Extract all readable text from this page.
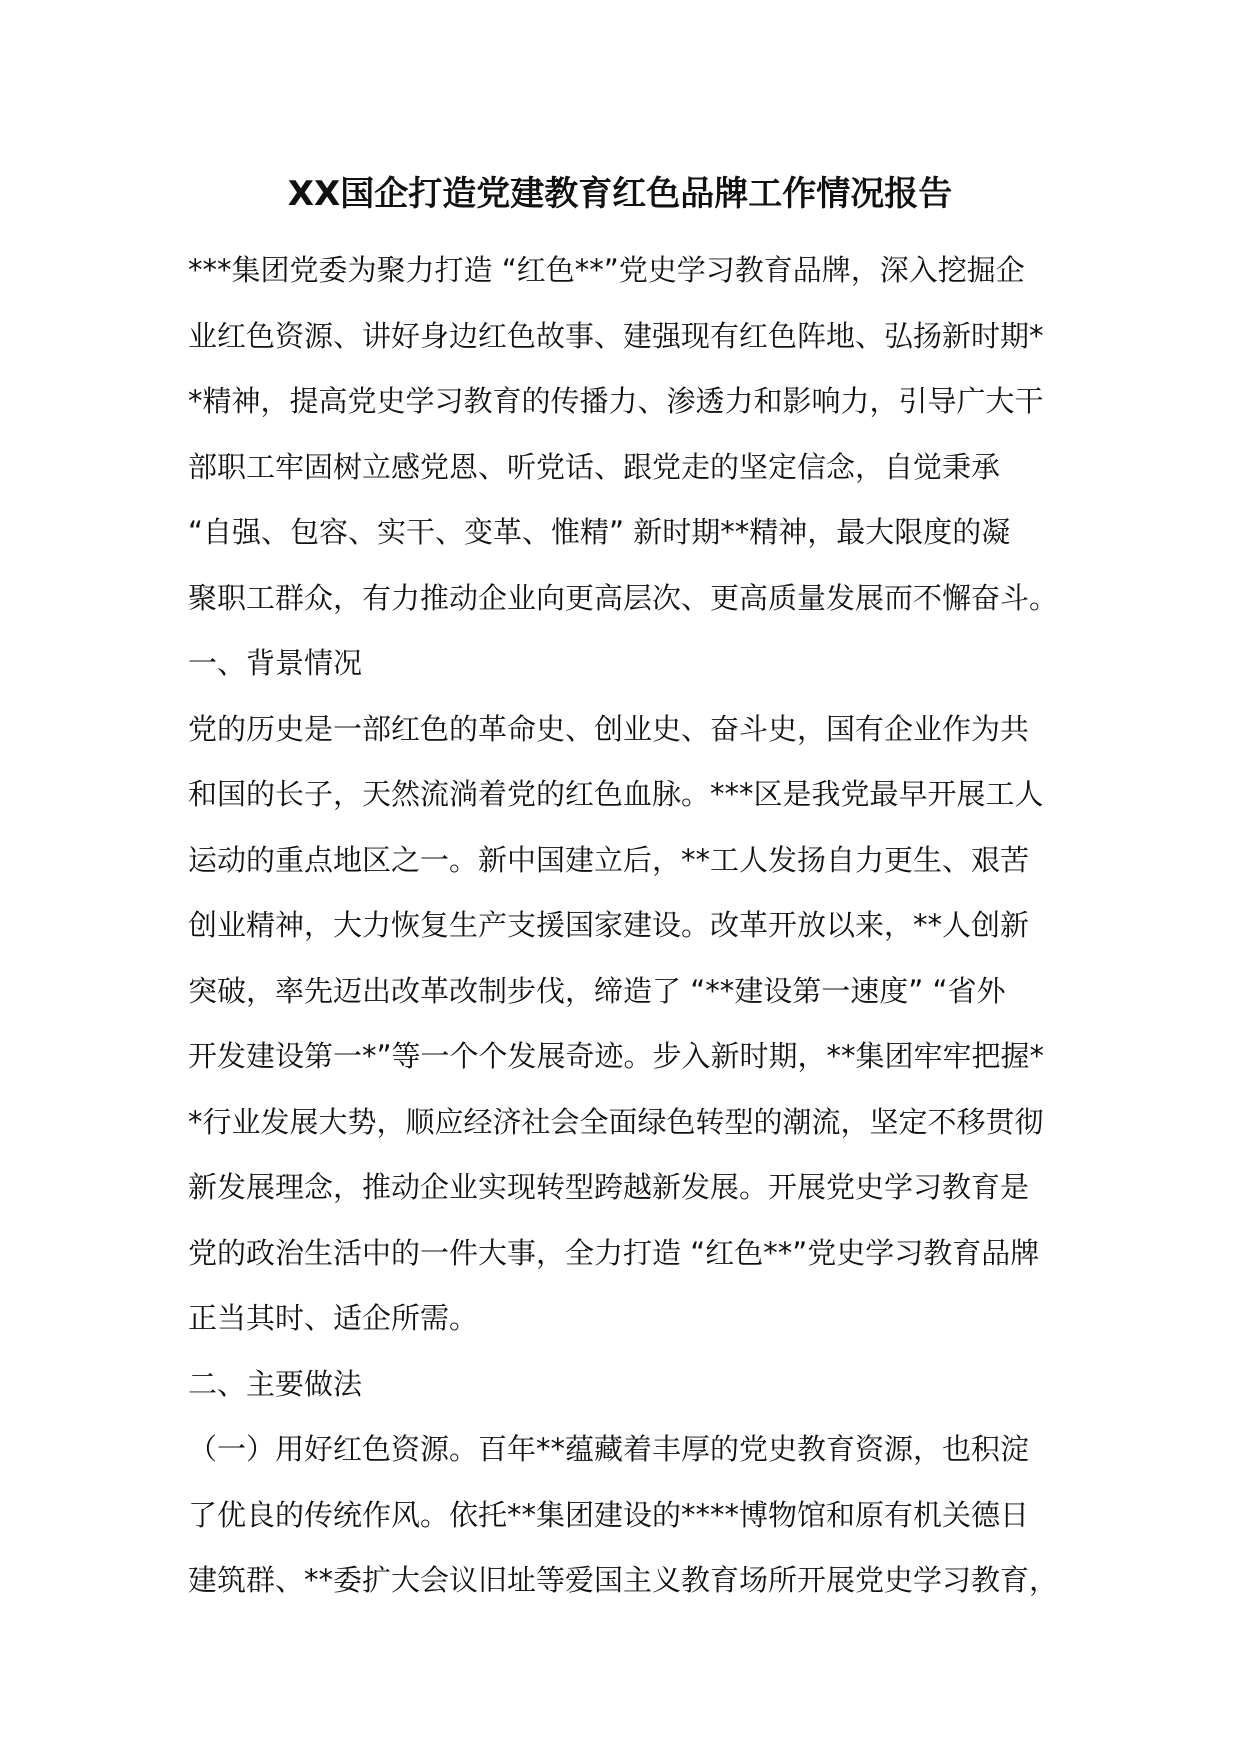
XX国企打造党建教育红色品牌工作情况报告
***集团党委为聚力打造 “红色**”党史学习教育品牌，深入挖掘企
业红色资源、讲好身边红色故事、建强现有红色阵地、弘扬新时期*
*精神，提高党史学习教育的传播力、渗透力和影响力，引导广大干
部职工牢固树立感党恩、听党话、跟党走的坚定信念，自觉秉承
“自强、包容、实干、变革、惟精” 新时期**精神，最大限度的凝
聚职工群众，有力推动企业向更高层次、更高质量发展而不懈奋斗。
一、背景情况
党的历史是一部红色的革命史、创业史、奋斗史，国有企业作为共
和国的长子，天然流淌着党的红色血脉。***区是我党最早开展工人
运动的重点地区之一。新中国建立后，**工人发扬自力更生、艰苦
创业精神，大力恢复生产支援国家建设。改革开放以来，**人创新
突破，率先迈出改革改制步伐，缔造了 “**建设第一速度” “省外
开发建设第一*”等一个个发展奇迹。步入新时期，**集团牢牢把握*
*行业发展大势，顺应经济社会全面绿色转型的潮流，坚定不移贯彻
新发展理念，推动企业实现转型跨越新发展。开展党史学习教育是
党的政治生活中的一件大事，全力打造 “红色**”党史学习教育品牌
正当其时、适企所需。
二、主要做法
（一）用好红色资源。百年**蕴藏着丰厚的党史教育资源，也积淀
了优良的传统作风。依托**集团建设的****博物馆和原有机关德日
建筑群、**委扩大会议旧址等爱国主义教育场所开展党史学习教育，
